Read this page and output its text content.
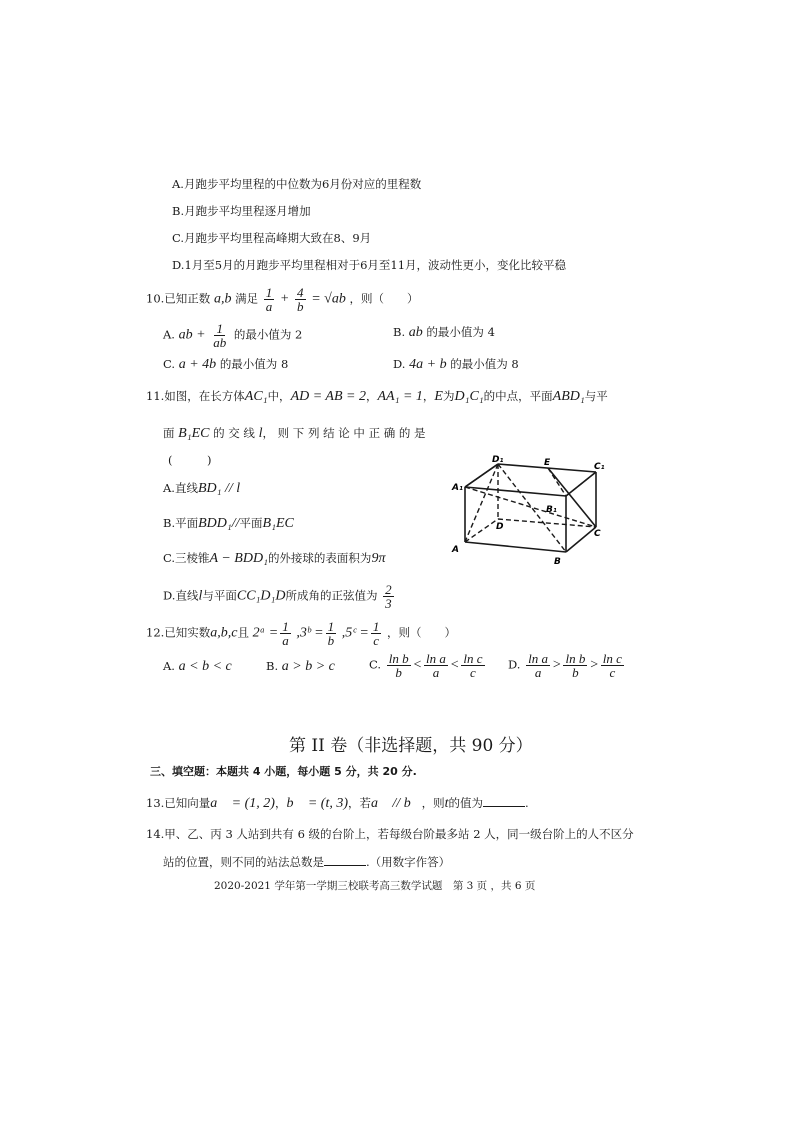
A.月跑步平均里程的中位数为6月份对应的里程数
B.月跑步平均里程逐月增加
C.月跑步平均里程高峰期大致在8、9月
D.1月至5月的月跑步平均里程相对于6月至11月，波动性更小，变化比较平稳
10.已知正数 a,b 满足 $\frac{1}{a} + \frac{4}{b} = √ab$ ，则（　　）
A. ab + $\frac{1}{ab}$ 的最小值为 2	B. ab 的最小值为 4
C. a + 4b 的最小值为 8	D. 4a + b 的最小值为 8
11.如图，在长方体AC₁中，AD = AB = 2，AA₁ = 1，E为D₁C₁的中点，平面ABD₁与平
面 B₁EC 的 交 线 l， 则 下 列 结 论 中 正 确 的 是
(　　　)
A.直线BD₁ // l
B.平面BDD₁//平面B₁EC
C.三棱锥A − BDD₁的外接球的表面积为9π
D.直线l与平面CC₁D₁D所成角的正弦值为 $\frac{2}{3}$
D₁	E	C₁
A₁
B₁
D
A
B
C
12.已知实数a,b,c且 2ᵃ = $\frac{1}{a}$ ,3ᵇ = $\frac{1}{b}$ ,5ᶜ = $\frac{1}{c}$ ，则（　　）
A. a < b < c	B. a > b > c	C. $\frac{\text{ln b}}{b} < \frac{\text{ln a}}{a} < \frac{\text{ln c}}{c} D$. $\frac{\text{ln a}}{a} > \frac{\text{ln b}}{b} > \frac{\text{ln c}}{c}$
第 II 卷（非选择题，共 90 分）
三、填空题：本题共 4 小题，每小题 5 分，共 20 分.
13.已知向量a⃗ = (1, 2)，b⃗ = (t, 3)，若a⃗ // b⃗，则t的值为	.
14.甲、乙、丙 3 人站到共有 6 级的台阶上，若每级台阶最多站 2 人，同一级台阶上的人不区分
站的位置，则不同的站法总数是	.（用数字作答）
2020-2021 学年第一学期三校联考高三数学试题　第 3 页 ，共 6 页
